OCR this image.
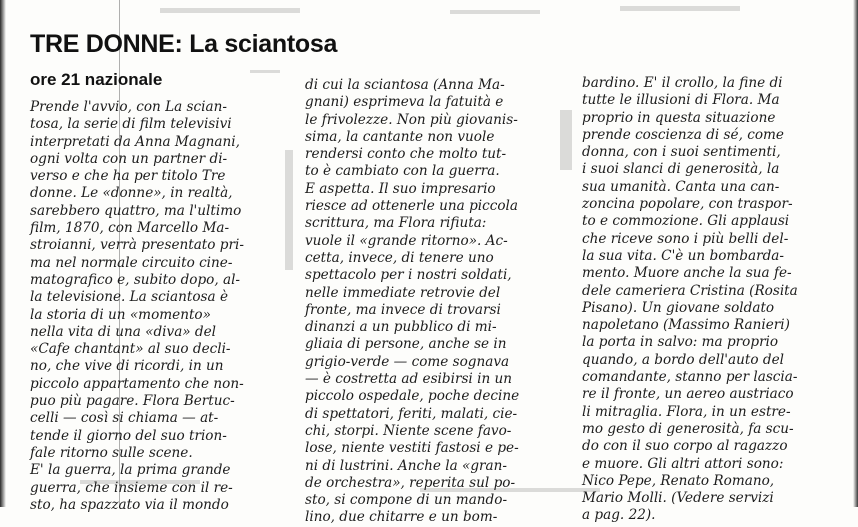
TRE DONNE: La sciantosa
ore 21 nazionale
Prende l'avvio, con La scian-
tosa, la serie di film televisivi
interpretati da Anna Magnani,
ogni volta con un partner di-
verso e che ha per titolo Tre
donne. Le «donne», in realtà,
sarebbero quattro, ma l'ultimo
film, 1870, con Marcello Ma-
stroianni, verrà presentato pri-
ma nel normale circuito cine-
matografico e, subito dopo, al-
la televisione. La sciantosa è
la storia di un «momento»
nella vita di una «diva» del
«Cafe chantant» al suo decli-
no, che vive di ricordi, in un
piccolo appartamento che non-
puo più pagare. Flora Bertuc-
celli — così si chiama — at-
tende il giorno del suo trion-
fale ritorno sulle scene.
E' la guerra, la prima grande
guerra, che insieme con il re-
sto, ha spazzato via il mondo
di cui la sciantosa (Anna Ma-
gnani) esprimeva la fatuità e
le frivolezze. Non più giovanis-
sima, la cantante non vuole
rendersi conto che molto tut-
to è cambiato con la guerra.
E aspetta. Il suo impresario
riesce ad ottenerle una piccola
scrittura, ma Flora rifiuta:
vuole il «grande ritorno». Ac-
cetta, invece, di tenere uno
spettacolo per i nostri soldati,
nelle immediate retrovie del
fronte, ma invece di trovarsi
dinanzi a un pubblico di mi-
gliaia di persone, anche se in
grigio-verde — come sognava
— è costretta ad esibirsi in un
piccolo ospedale, poche decine
di spettatori, feriti, malati, cie-
chi, storpi. Niente scene favo-
lose, niente vestiti fastosi e pe-
ni di lustrini. Anche la «gran-
de orchestra», reperita sul po-
sto, si compone di un mando-
lino, due chitarre e un bom-
bardino. E' il crollo, la fine di
tutte le illusioni di Flora. Ma
proprio in questa situazione
prende coscienza di sé, come
donna, con i suoi sentimenti,
i suoi slanci di generosità, la
sua umanità. Canta una can-
zoncina popolare, con traspor-
to e commozione. Gli applausi
che riceve sono i più belli del-
la sua vita. C'è un bombarda-
mento. Muore anche la sua fe-
dele cameriera Cristina (Rosita
Pisano). Un giovane soldato
napoletano (Massimo Ranieri)
la porta in salvo: ma proprio
quando, a bordo dell'auto del
comandante, stanno per lascia-
re il fronte, un aereo austriaco
li mitraglia. Flora, in un estre-
mo gesto di generosità, fa scu-
do con il suo corpo al ragazzo
e muore. Gli altri attori sono:
Nico Pepe, Renato Romano,
Mario Molli. (Vedere servizi
a pag. 22).
